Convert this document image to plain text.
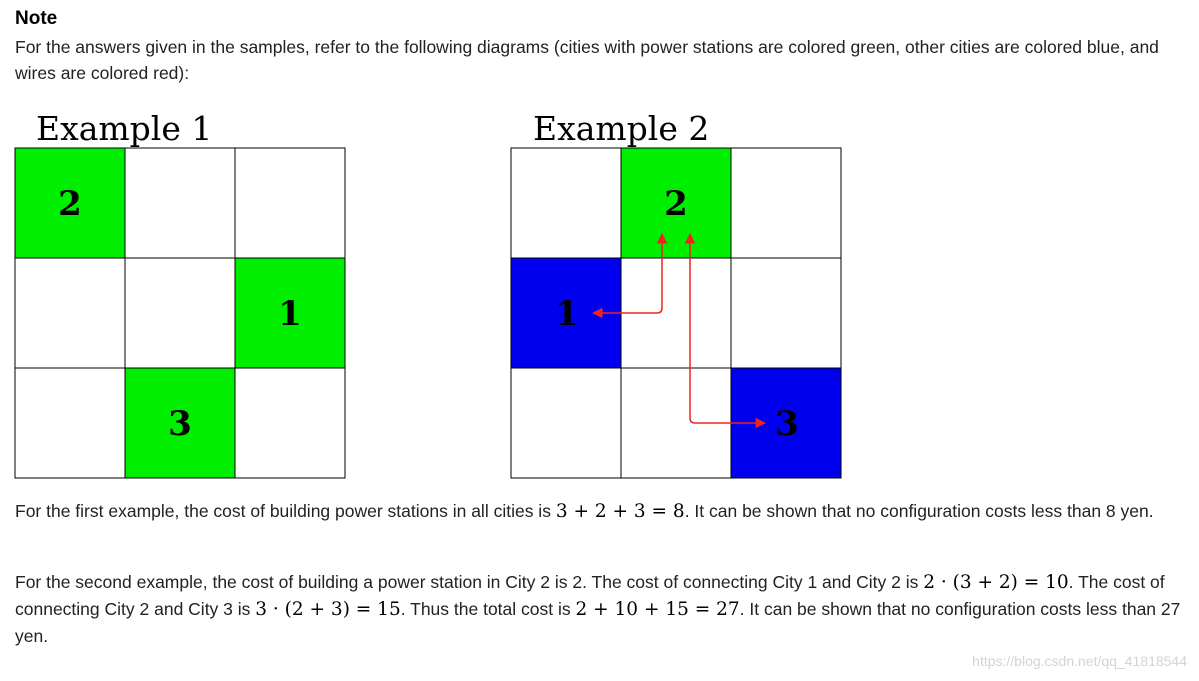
Note
For the answers given in the samples, refer to the following diagrams (cities with power stations are colored green, other cities are colored blue, and wires are colored red):
Example 1	Example 2
2
1
3
2
1
3
For the first example, the cost of building power stations in all cities is 3 + 2 + 3 = 8. It can be shown that no configuration costs less than 8 yen.
For the second example, the cost of building a power station in City 2 is 2. The cost of connecting City 1 and City 2 is 2 · (3 + 2) = 10. The cost of connecting City 2 and City 3 is 3 · (2 + 3) = 15. Thus the total cost is 2 + 10 + 15 = 27. It can be shown that no configuration costs less than 27 yen.
https://blog.csdn.net/qq_41818544
